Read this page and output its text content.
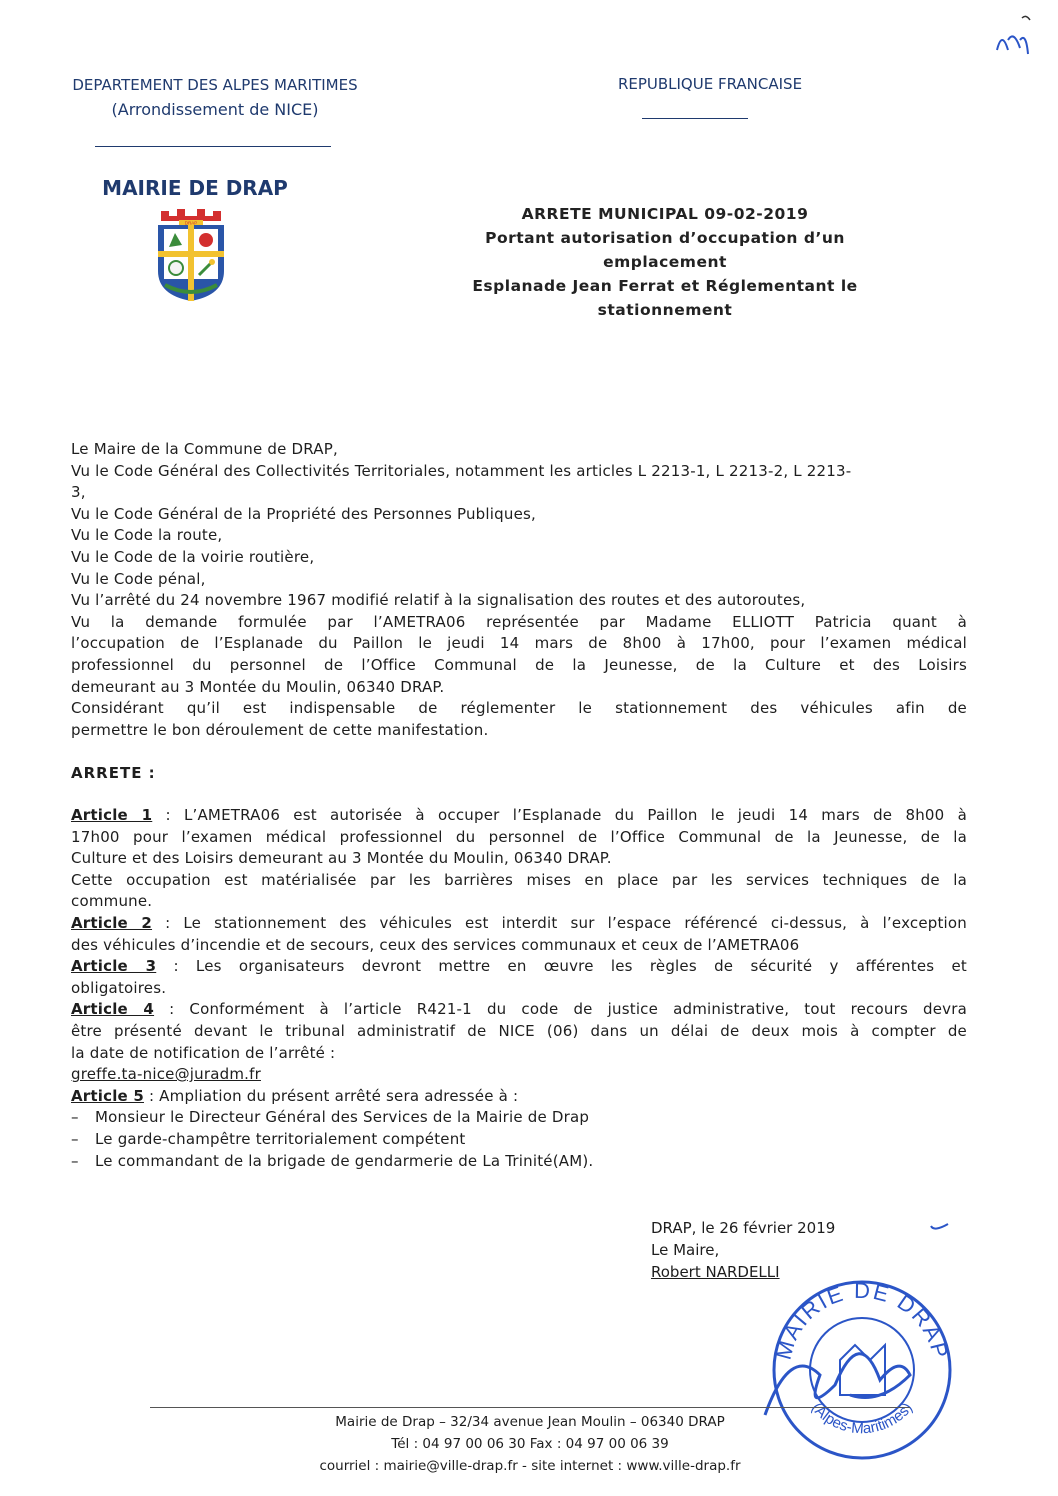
DEPARTEMENT DES ALPES MARITIMES
(Arrondissement de NICE)
REPUBLIQUE FRANCAISE
MAIRIE DE DRAP
DRAP	ARRETE MUNICIPAL 09-02-2019
Portant autorisation d’occupation d’un
emplacement
Esplanade Jean Ferrat et Réglementant le
stationnement
Le Maire de la Commune de DRAP,
Vu le Code Général des Collectivités Territoriales, notamment les articles L 2213-1, L 2213-2, L 2213-
3,
Vu le Code Général de la Propriété des Personnes Publiques,
Vu le Code la route,
Vu le Code de la voirie routière,
Vu le Code pénal,
Vu l’arrêté du 24 novembre 1967 modifié relatif à la signalisation des routes et des autoroutes,
Vu la demande formulée par l’AMETRA06 représentée par Madame ELLIOTT Patricia quant à
l’occupation de l’Esplanade du Paillon le jeudi 14 mars de 8h00 à 17h00, pour l’examen médical
professionnel du personnel de l’Office Communal de la Jeunesse, de la Culture et des Loisirs
demeurant au 3 Montée du Moulin, 06340 DRAP.
Considérant qu’il est indispensable de réglementer le stationnement des véhicules afin de
permettre le bon déroulement de cette manifestation.
ARRETE :
Article 1 : L’AMETRA06 est autorisée à occuper l’Esplanade du Paillon le jeudi 14 mars de 8h00 à
17h00 pour l’examen médical professionnel du personnel de l’Office Communal de la Jeunesse, de la
Culture et des Loisirs demeurant au 3 Montée du Moulin, 06340 DRAP.
Cette occupation est matérialisée par les barrières mises en place par les services techniques de la
commune.
Article 2 : Le stationnement des véhicules est interdit sur l’espace référencé ci-dessus, à l’exception
des véhicules d’incendie et de secours, ceux des services communaux et ceux de l’AMETRA06
Article 3 : Les organisateurs devront mettre en œuvre les règles de sécurité y afférentes et
obligatoires.
Article 4 : Conformément à l’article R421-1 du code de justice administrative, tout recours devra
être présenté devant le tribunal administratif de NICE (06) dans un délai de deux mois à compter de
la date de notification de l’arrêté :
greffe.ta-nice@juradm.fr
Article 5 : Ampliation du présent arrêté sera adressée à :
– Monsieur le Directeur Général des Services de la Mairie de Drap
– Le garde-champêtre territorialement compétent
– Le commandant de la brigade de gendarmerie de La Trinité(AM).
DRAP, le 26 février 2019
Le Maire,
Robert NARDELLI
MAIRIE DE DRAP
(Alpes-Maritimes)
Mairie de Drap – 32/34 avenue Jean Moulin – 06340 DRAP
Tél : 04 97 00 06 30 Fax : 04 97 00 06 39
courriel : mairie@ville-drap.fr - site internet : www.ville-drap.fr
